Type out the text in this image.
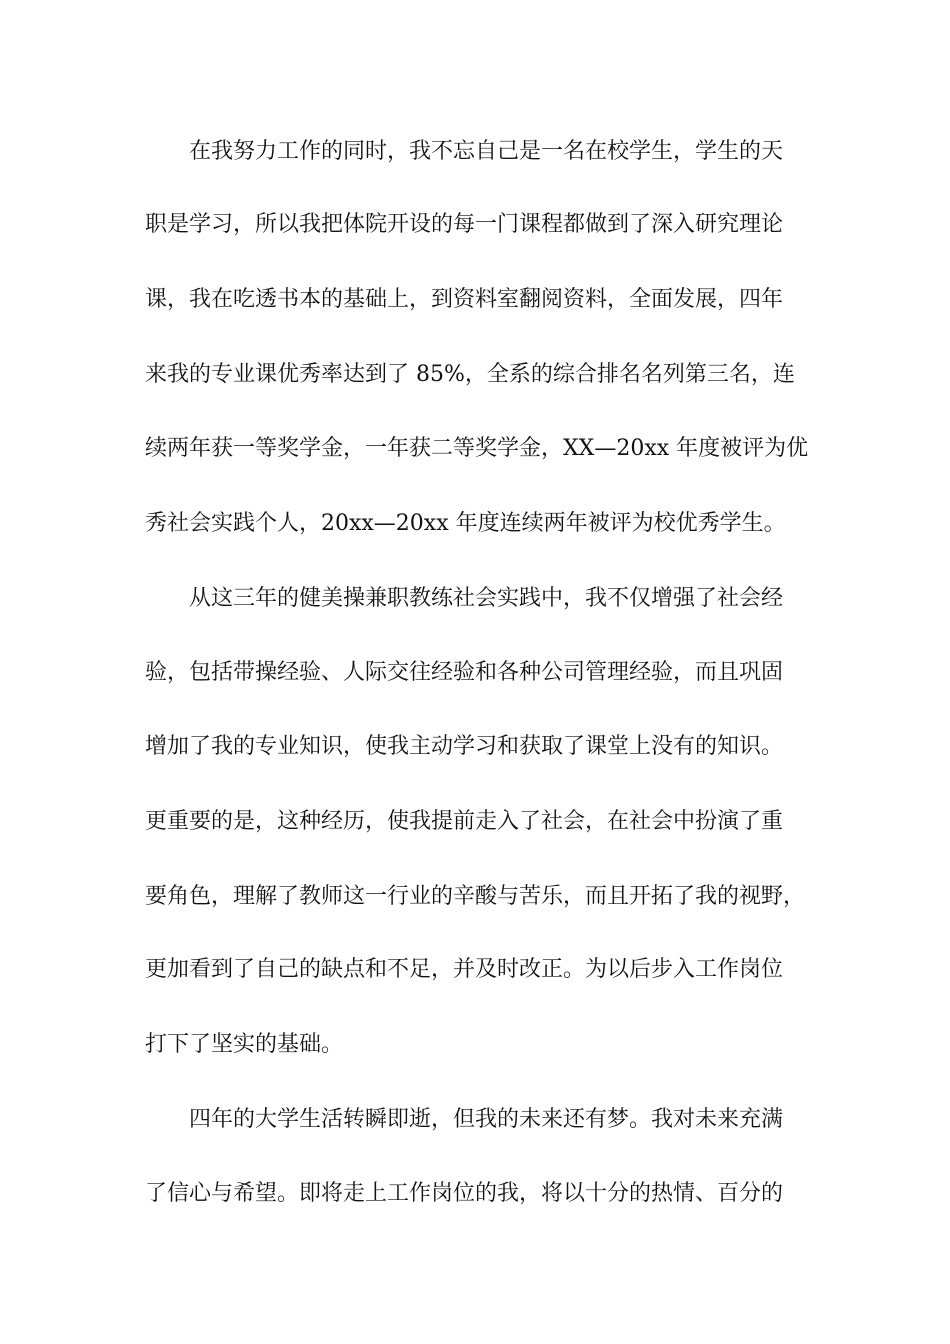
在我努力工作的同时，我不忘自己是一名在校学生，学生的天
职是学习，所以我把体院开设的每一门课程都做到了深入研究理论
课，我在吃透书本的基础上，到资料室翻阅资料，全面发展，四年
来我的专业课优秀率达到了 85%，全系的综合排名名列第三名，连
续两年获一等奖学金，一年获二等奖学金，XX—20xx 年度被评为优
秀社会实践个人，20xx—20xx 年度连续两年被评为校优秀学生。
从这三年的健美操兼职教练社会实践中，我不仅增强了社会经
验，包括带操经验、人际交往经验和各种公司管理经验，而且巩固
增加了我的专业知识，使我主动学习和获取了课堂上没有的知识。
更重要的是，这种经历，使我提前走入了社会，在社会中扮演了重
要角色，理解了教师这一行业的辛酸与苦乐，而且开拓了我的视野，
更加看到了自己的缺点和不足，并及时改正。为以后步入工作岗位
打下了坚实的基础。
四年的大学生活转瞬即逝，但我的未来还有梦。我对未来充满
了信心与希望。即将走上工作岗位的我，将以十分的热情、百分的
